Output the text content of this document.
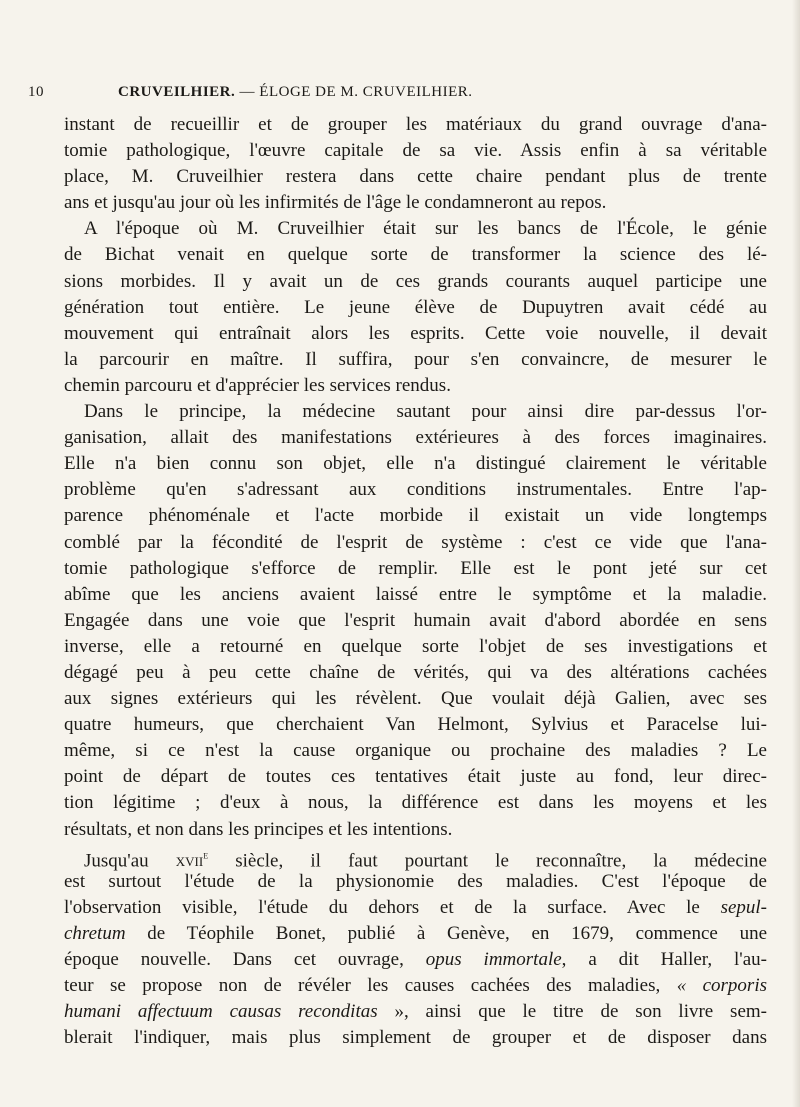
10	CRUVEILHIER. — ÉLOGE DE M. CRUVEILHIER.
instant de recueillir et de grouper les matériaux du grand ouvrage d'ana-
tomie pathologique, l'œuvre capitale de sa vie. Assis enfin à sa véritable
place, M. Cruveilhier restera dans cette chaire pendant plus de trente
ans et jusqu'au jour où les infirmités de l'âge le condamneront au repos.
A l'époque où M. Cruveilhier était sur les bancs de l'École, le génie
de Bichat venait en quelque sorte de transformer la science des lé-
sions morbides. Il y avait un de ces grands courants auquel participe une
génération tout entière. Le jeune élève de Dupuytren avait cédé au
mouvement qui entraînait alors les esprits. Cette voie nouvelle, il devait
la parcourir en maître. Il suffira, pour s'en convaincre, de mesurer le
chemin parcouru et d'apprécier les services rendus.
Dans le principe, la médecine sautant pour ainsi dire par-dessus l'or-
ganisation, allait des manifestations extérieures à des forces imaginaires.
Elle n'a bien connu son objet, elle n'a distingué clairement le véritable
problème qu'en s'adressant aux conditions instrumentales. Entre l'ap-
parence phénoménale et l'acte morbide il existait un vide longtemps
comblé par la fécondité de l'esprit de système : c'est ce vide que l'ana-
tomie pathologique s'efforce de remplir. Elle est le pont jeté sur cet
abîme que les anciens avaient laissé entre le symptôme et la maladie.
Engagée dans une voie que l'esprit humain avait d'abord abordée en sens
inverse, elle a retourné en quelque sorte l'objet de ses investigations et
dégagé peu à peu cette chaîne de vérités, qui va des altérations cachées
aux signes extérieurs qui les révèlent. Que voulait déjà Galien, avec ses
quatre humeurs, que cherchaient Van Helmont, Sylvius et Paracelse lui-
même, si ce n'est la cause organique ou prochaine des maladies ? Le
point de départ de toutes ces tentatives était juste au fond, leur direc-
tion légitime ; d'eux à nous, la différence est dans les moyens et les
résultats, et non dans les principes et les intentions.
Jusqu'au xvii$^e$ siècle, il faut pourtant le reconnaître, la médecine
est surtout l'étude de la physionomie des maladies. C'est l'époque de
l'observation visible, l'étude du dehors et de la surface. Avec le sepul-
chretum de Téophile Bonet, publié à Genève, en 1679, commence une
époque nouvelle. Dans cet ouvrage, opus immortale, a dit Haller, l'au-
teur se propose non de révéler les causes cachées des maladies, « corporis
humani affectuum causas reconditas », ainsi que le titre de son livre sem-
blerait l'indiquer, mais plus simplement de grouper et de disposer dans
